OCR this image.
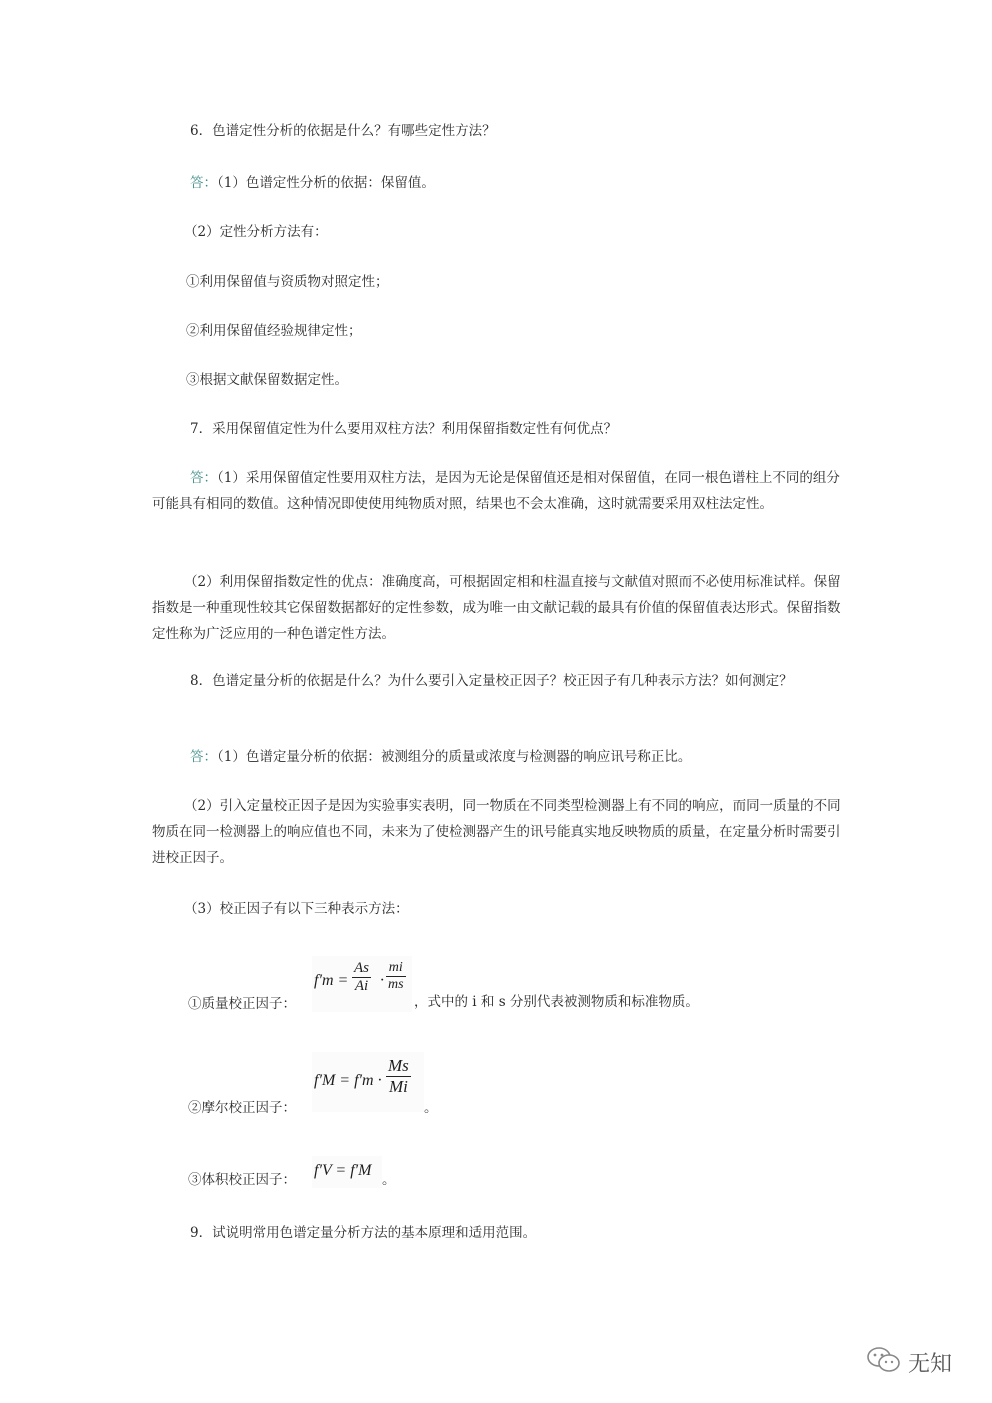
6．色谱定性分析的依据是什么？有哪些定性方法？

答：（1）色谱定性分析的依据：保留值。

（2）定性分析方法有：

①利用保留值与资质物对照定性；

②利用保留值经验规律定性；

③根据文献保留数据定性。

7．采用保留值定性为什么要用双柱方法？利用保留指数定性有何优点？

答：（1）采用保留值定性要用双柱方法，是因为无论是保留值还是相对保留值，在同一根色谱柱上不同的组分可能具有相同的数值。这种情况即使使用纯物质对照，结果也不会太准确，这时就需要采用双柱法定性。

（2）利用保留指数定性的优点：准确度高，可根据固定相和柱温直接与文献值对照而不必使用标准试样。保留指数是一种重现性较其它保留数据都好的定性参数，成为唯一由文献记载的最具有价值的保留值表达形式。保留指数定性称为广泛应用的一种色谱定性方法。

8．色谱定量分析的依据是什么？为什么要引入定量校正因子？校正因子有几种表示方法？如何测定？

答：（1）色谱定量分析的依据：被测组分的质量或浓度与检测器的响应讯号称正比。

（2）引入定量校正因子是因为实验事实表明，同一物质在不同类型检测器上有不同的响应，而同一质量的不同物质在同一检测器上的响应值也不同，未来为了使检测器产生的讯号能真实地反映物质的质量，在定量分析时需要引进校正因子。

（3）校正因子有以下三种表示方法：

①质量校正因子：
$f'm = \frac{As}{Ai} \cdot \frac{mi}{ms}$
，式中的 i 和 s 分别代表被测物质和标准物质。
②摩尔校正因子：
$f'M = f'm \cdot \frac{Ms}{Mi}$
。
③体积校正因子：
f′V = f′M
。

9．试说明常用色谱定量分析方法的基本原理和适用范围。

无知
